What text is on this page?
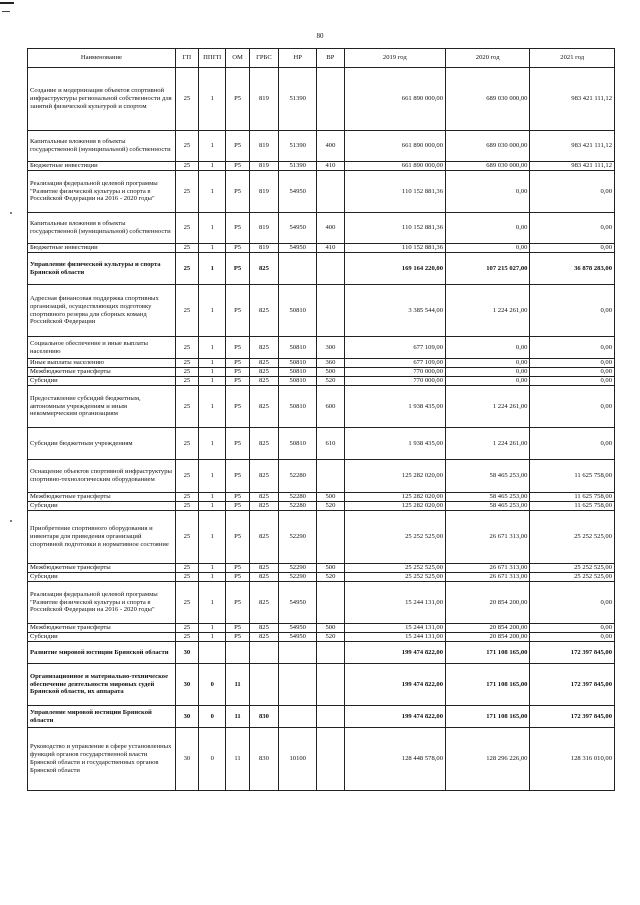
80
Наименование	ГП	ППГП	ОМ	ГРБС	НР	ВР	2019 год	2020 год	2021 год
Создание и модернизация объектов спортивной инфраструктуры региональной собственности для занятий физической культурой и спортом	25	1	P5	819	51390		661 890 000,00	689 030 000,00	983 421 111,12
Капитальные вложения в объекты государственной (муниципальной) собственности	25	1	P5	819	51390	400	661 890 000,00	689 030 000,00	983 421 111,12
Бюджетные инвестиции	25	1	P5	819	51390	410	661 890 000,00	689 030 000,00	983 421 111,12
Реализация федеральной целевой программы "Развитие физической культуры и спорта в Российской Федерации на 2016 - 2020 годы"	25	1	P5	819	54950		110 152 881,36	0,00	0,00
Капитальные вложения в объекты государственной (муниципальной) собственности	25	1	P5	819	54950	400	110 152 881,36	0,00	0,00
Бюджетные инвестиции	25	1	P5	819	54950	410	110 152 881,36	0,00	0,00
Управление физической культуры и спорта Брянской области	25	1	P5	825			169 164 220,00	107 215 027,00	36 878 283,00
Адресная финансовая поддержка спортивных организаций, осуществляющих подготовку спортивного резерва для сборных команд Российской Федерации	25	1	P5	825	50810		3 385 544,00	1 224 261,00	0,00
Социальное обеспечение и иные выплаты населению	25	1	P5	825	50810	300	677 109,00	0,00	0,00
Иные выплаты населению	25	1	P5	825	50810	360	677 109,00	0,00	0,00
Межбюджетные трансферты	25	1	P5	825	50810	500	770 000,00	0,00	0,00
Субсидии	25	1	P5	825	50810	520	770 000,00	0,00	0,00
Предоставление субсидий бюджетным, автономным учреждениям и иным некоммерческим организациям	25	1	P5	825	50810	600	1 938 435,00	1 224 261,00	0,00
Субсидии бюджетным учреждениям	25	1	P5	825	50810	610	1 938 435,00	1 224 261,00	0,00
Оснащение объектов спортивной инфраструктуры спортивно-технологическим оборудованием	25	1	P5	825	52280		125 282 020,00	58 465 253,00	11 625 758,00
Межбюджетные трансферты	25	1	P5	825	52280	500	125 282 020,00	58 465 253,00	11 625 758,00
Субсидии	25	1	P5	825	52280	520	125 282 020,00	58 465 253,00	11 625 758,00
Приобретение спортивного оборудования и инвентаря для приведения организаций спортивной подготовки в нормативное состояние	25	1	P5	825	52290		25 252 525,00	26 671 313,00	25 252 525,00
Межбюджетные трансферты	25	1	P5	825	52290	500	25 252 525,00	26 671 313,00	25 252 525,00
Субсидии	25	1	P5	825	52290	520	25 252 525,00	26 671 313,00	25 252 525,00
Реализация федеральной целевой программы "Развитие физической культуры и спорта в Российской Федерации на 2016 - 2020 годы"	25	1	P5	825	54950		15 244 131,00	20 854 200,00	0,00
Межбюджетные трансферты	25	1	P5	825	54950	500	15 244 131,00	20 854 200,00	0,00
Субсидии	25	1	P5	825	54950	520	15 244 131,00	20 854 200,00	0,00
Развитие мировой юстиции Брянской области	30						199 474 822,00	171 108 165,00	172 397 845,00
Организационное и материально-техническое обеспечение деятельности мировых судей Брянской области, их аппарата	30	0	11				199 474 822,00	171 108 165,00	172 397 845,00
Управление мировой юстиции Брянской области	30	0	11	830			199 474 822,00	171 108 165,00	172 397 845,00
Руководство и управление в сфере установленных функций органов государственной власти Брянской области и государственных органов Брянской области	30	0	11	830	10100		128 448 578,00	128 296 226,00	128 316 010,00
